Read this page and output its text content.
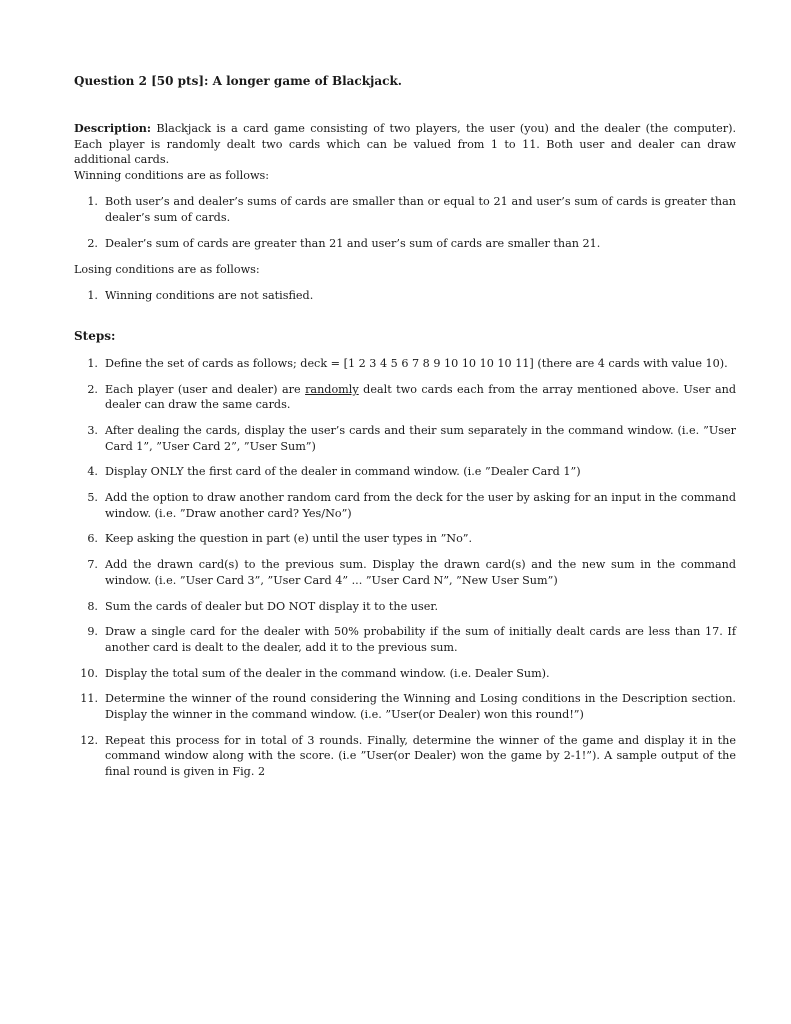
Question 2 [50 pts]: A longer game of Blackjack.
Description: Blackjack is a card game consisting of two players, the user (you) and the dealer (the computer). Each player is randomly dealt two cards which can be valued from 1 to 11. Both user and dealer can draw additional cards.
Winning conditions are as follows:
1. Both user’s and dealer’s sums of cards are smaller than or equal to 21 and user’s sum of cards is greater than dealer’s sum of cards.
2. Dealer’s sum of cards are greater than 21 and user’s sum of cards are smaller than 21.
Losing conditions are as follows:
1. Winning conditions are not satisfied.
Steps:
1. Define the set of cards as follows; deck = [1 2 3 4 5 6 7 8 9 10 10 10 10 11] (there are 4 cards with value 10).
2. Each player (user and dealer) are randomly dealt two cards each from the array mentioned above. User and dealer can draw the same cards.
3. After dealing the cards, display the user’s cards and their sum separately in the command window. (i.e. ”User Card 1”, ”User Card 2”, ”User Sum”)
4. Display ONLY the first card of the dealer in command window. (i.e ”Dealer Card 1”)
5. Add the option to draw another random card from the deck for the user by asking for an input in the command window. (i.e. ”Draw another card? Yes/No”)
6. Keep asking the question in part (e) until the user types in ”No”.
7. Add the drawn card(s) to the previous sum. Display the drawn card(s) and the new sum in the command window. (i.e. ”User Card 3”, ”User Card 4” ... ”User Card N”, ”New User Sum”)
8. Sum the cards of dealer but DO NOT display it to the user.
9. Draw a single card for the dealer with 50% probability if the sum of initially dealt cards are less than 17. If another card is dealt to the dealer, add it to the previous sum.
10. Display the total sum of the dealer in the command window. (i.e. Dealer Sum).
11. Determine the winner of the round considering the Winning and Losing conditions in the Description section. Display the winner in the command window. (i.e. ”User(or Dealer) won this round!”)
12. Repeat this process for in total of 3 rounds. Finally, determine the winner of the game and display it in the command window along with the score. (i.e ”User(or Dealer) won the game by 2-1!”). A sample output of the final round is given in Fig. 2
